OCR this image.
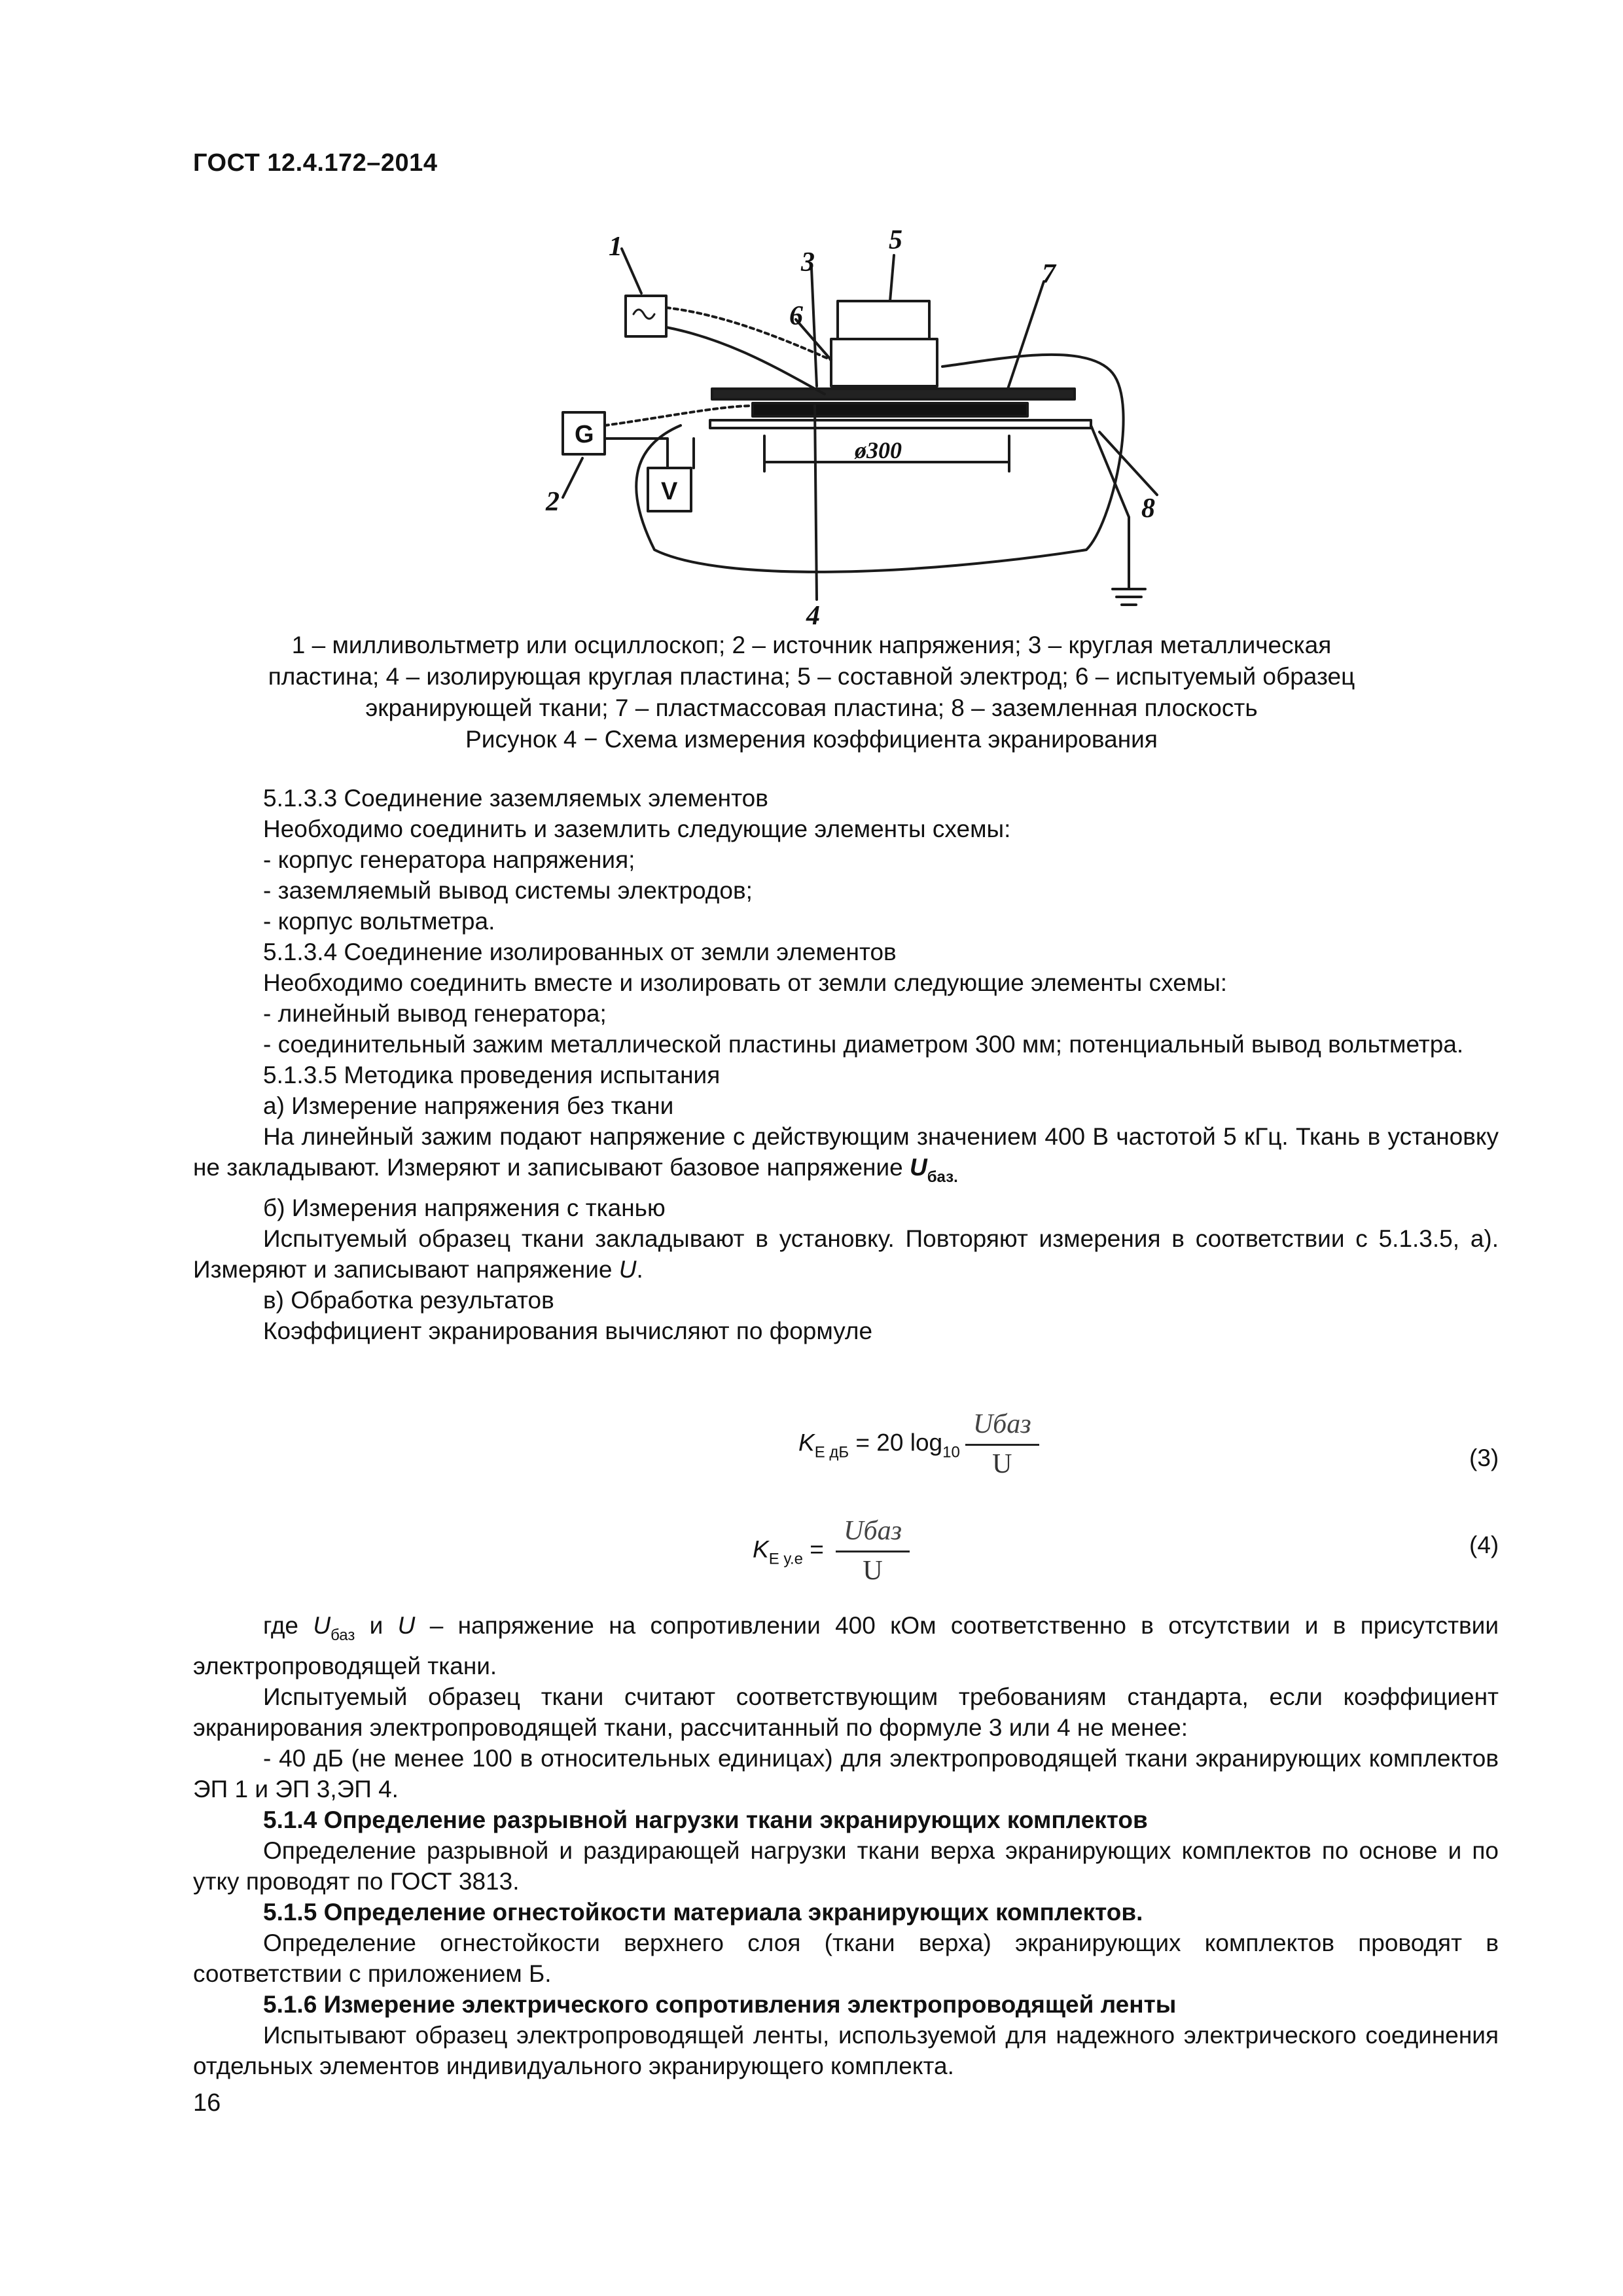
ГОСТ 12.4.172–2014
1
2
3
4
5
6
7
8
ø300
G
V

1 – милливольтметр или осциллоскоп; 2 – источник напряжения; 3 – круглая металлическая

пластина; 4 – изолирующая круглая пластина; 5 – составной электрод; 6 – испытуемый образец

экранирующей ткани; 7 – пластмассовая пластина; 8 – заземленная плоскость

Рисунок 4 − Схема измерения коэффициента экранирования

5.1.3.3 Соединение заземляемых элементов

Необходимо соединить и заземлить следующие элементы схемы:

- корпус генератора напряжения;

- заземляемый вывод системы электродов;

- корпус вольтметра.

5.1.3.4 Соединение изолированных от земли элементов

Необходимо соединить вместе и изолировать от земли следующие элементы схемы:

- линейный вывод генератора;

- соединительный зажим металлической пластины диаметром 300 мм; потенциальный вывод вольтметра.

5.1.3.5 Методика проведения испытания

а) Измерение напряжения без ткани

На линейный зажим подают напряжение с действующим значением 400 В частотой 5 кГц. Ткань в установку не закладывают. Измеряют и записывают базовое напряжение $U_{баз.}$

б) Измерения напряжения с тканью

Испытуемый образец ткани закладывают в установку. Повторяют измерения в соответствии с 5.1.3.5, а). Измеряют и записывают напряжение U.

в) Обработка результатов

Коэффициент экранирования вычисляют по формуле

$K_{Е дБ} = 20$ $\log_{10} \frac{\text{Uбаз}}{U}$	(3)
$K_{Е у.е} = \frac{\text{Uбаз}}{U}$	(4)

где $U_{баз}$ и U – напряжение на сопротивлении 400 кОм соответственно в отсутствии и в присутствии электропроводящей ткани.

Испытуемый образец ткани считают соответствующим требованиям стандарта, если коэффициент экранирования электропроводящей ткани, рассчитанный по формуле 3 или 4 не менее:

- 40 дБ (не менее 100 в относительных единицах) для электропроводящей ткани экранирующих комплектов ЭП 1 и ЭП 3,ЭП 4.

5.1.4 Определение разрывной нагрузки ткани экранирующих комплектов

Определение разрывной и раздирающей нагрузки ткани верха экранирующих комплектов по основе и по утку проводят по ГОСТ 3813.

5.1.5 Определение огнестойкости материала экранирующих комплектов.

Определение огнестойкости верхнего слоя (ткани верха) экранирующих комплектов проводят в соответствии с приложением Б.

5.1.6 Измерение электрического сопротивления электропроводящей ленты

Испытывают образец электропроводящей ленты, используемой для надежного электрического соединения отдельных элементов индивидуального экранирующего комплекта.

16
